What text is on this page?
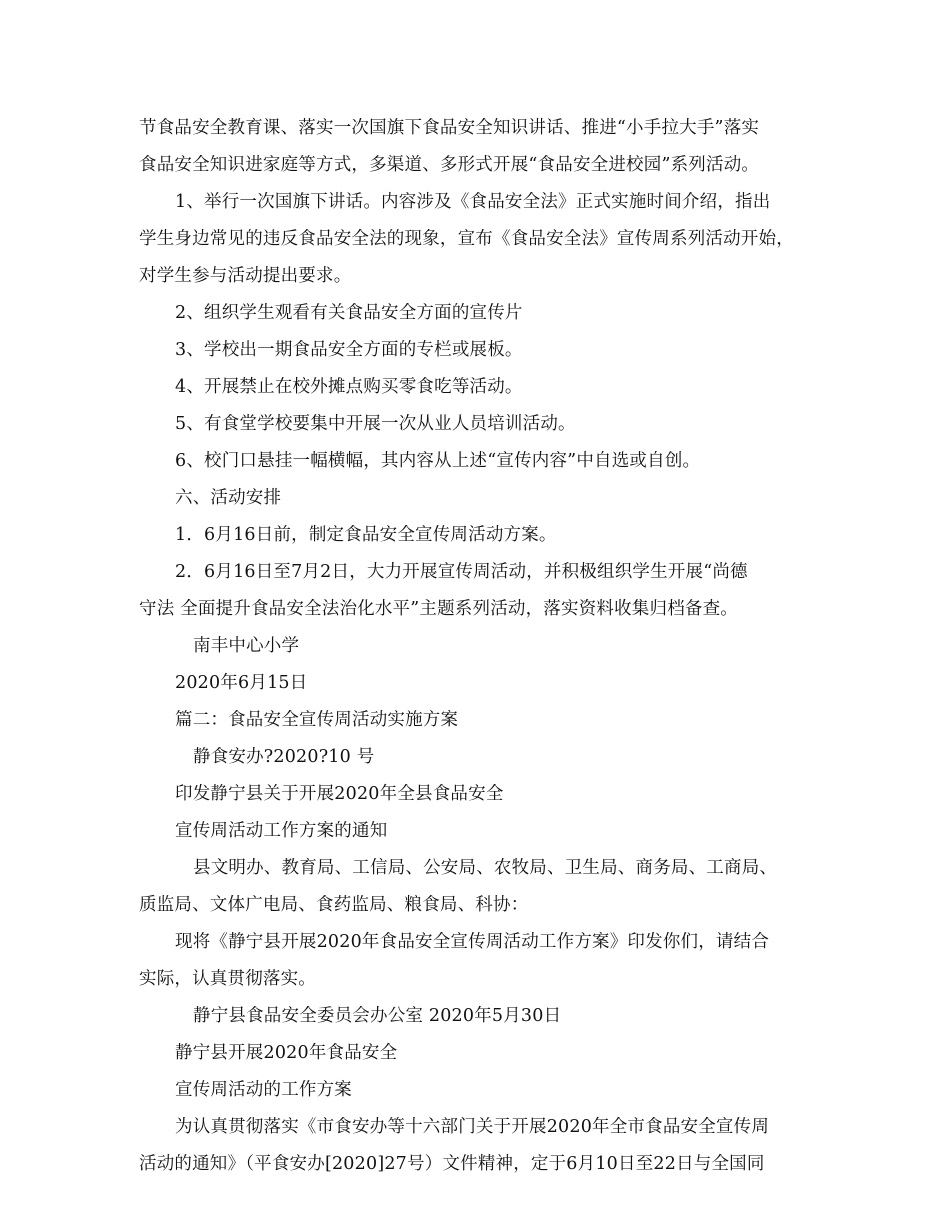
节食品安全教育课、落实一次国旗下食品安全知识讲话、推进“小手拉大手”落实
食品安全知识进家庭等方式，多渠道、多形式开展“食品安全进校园”系列活动。
1、举行一次国旗下讲话。内容涉及《食品安全法》正式实施时间介绍，指出
学生身边常见的违反食品安全法的现象，宣布《食品安全法》宣传周系列活动开始，
对学生参与活动提出要求。
2、组织学生观看有关食品安全方面的宣传片
3、学校出一期食品安全方面的专栏或展板。
4、开展禁止在校外摊点购买零食吃等活动。
5、有食堂学校要集中开展一次从业人员培训活动。
6、校门口悬挂一幅横幅，其内容从上述“宣传内容”中自选或自创。
六、活动安排
1．6月16日前，制定食品安全宣传周活动方案。
2．6月16日至7月2日，大力开展宣传周活动，并积极组织学生开展“尚德
守法 全面提升食品安全法治化水平”主题系列活动，落实资料收集归档备查。
南丰中心小学
2020年6月15日
篇二：食品安全宣传周活动实施方案
静食安办?2020?10 号
印发静宁县关于开展2020年全县食品安全
宣传周活动工作方案的通知
县文明办、教育局、工信局、公安局、农牧局、卫生局、商务局、工商局、
质监局、文体广电局、食药监局、粮食局、科协：
现将《静宁县开展2020年食品安全宣传周活动工作方案》印发你们，请结合
实际，认真贯彻落实。
静宁县食品安全委员会办公室 2020年5月30日
静宁县开展2020年食品安全
宣传周活动的工作方案
为认真贯彻落实《市食安办等十六部门关于开展2020年全市食品安全宣传周
活动的通知》（平食安办[2020]27号）文件精神，定于6月10日至22日与全国同
